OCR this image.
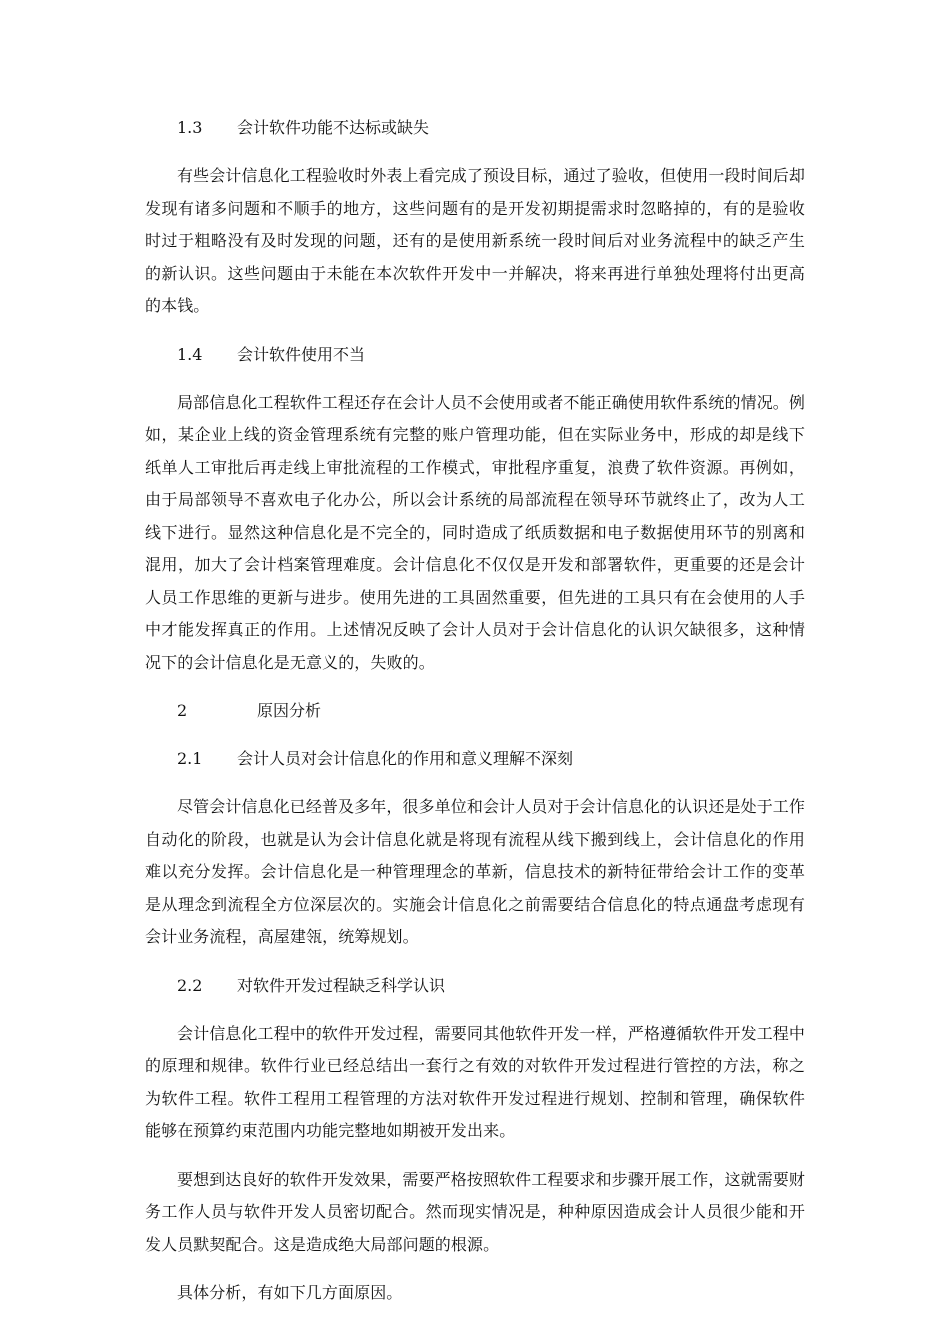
1.3 会计软件功能不达标或缺失

有些会计信息化工程验收时外表上看完成了预设目标，通过了验收，但使用一段时间后却发现有诸多问题和不顺手的地方，这些问题有的是开发初期提需求时忽略掉的，有的是验收时过于粗略没有及时发现的问题，还有的是使用新系统一段时间后对业务流程中的缺乏产生的新认识。这些问题由于未能在本次软件开发中一并解决，将来再进行单独处理将付出更高的本钱。

1.4 会计软件使用不当

局部信息化工程软件工程还存在会计人员不会使用或者不能正确使用软件系统的情况。例如，某企业上线的资金管理系统有完整的账户管理功能，但在实际业务中，形成的却是线下纸单人工审批后再走线上审批流程的工作模式，审批程序重复，浪费了软件资源。再例如，由于局部领导不喜欢电子化办公，所以会计系统的局部流程在领导环节就终止了，改为人工线下进行。显然这种信息化是不完全的，同时造成了纸质数据和电子数据使用环节的别离和混用，加大了会计档案管理难度。会计信息化不仅仅是开发和部署软件，更重要的还是会计人员工作思维的更新与进步。使用先进的工具固然重要，但先进的工具只有在会使用的人手中才能发挥真正的作用。上述情况反映了会计人员对于会计信息化的认识欠缺很多，这种情况下的会计信息化是无意义的，失败的。

2	原因分析
2.1 会计人员对会计信息化的作用和意义理解不深刻

尽管会计信息化已经普及多年，很多单位和会计人员对于会计信息化的认识还是处于工作自动化的阶段，也就是认为会计信息化就是将现有流程从线下搬到线上，会计信息化的作用难以充分发挥。会计信息化是一种管理理念的革新，信息技术的新特征带给会计工作的变革是从理念到流程全方位深层次的。实施会计信息化之前需要结合信息化的特点通盘考虑现有会计业务流程，高屋建瓴，统筹规划。

2.2 对软件开发过程缺乏科学认识

会计信息化工程中的软件开发过程，需要同其他软件开发一样，严格遵循软件开发工程中的原理和规律。软件行业已经总结出一套行之有效的对软件开发过程进行管控的方法，称之为软件工程。软件工程用工程管理的方法对软件开发过程进行规划、控制和管理，确保软件能够在预算约束范围内功能完整地如期被开发出来。

要想到达良好的软件开发效果，需要严格按照软件工程要求和步骤开展工作，这就需要财务工作人员与软件开发人员密切配合。然而现实情况是，种种原因造成会计人员很少能和开发人员默契配合。这是造成绝大局部问题的根源。

具体分析，有如下几方面原因。
